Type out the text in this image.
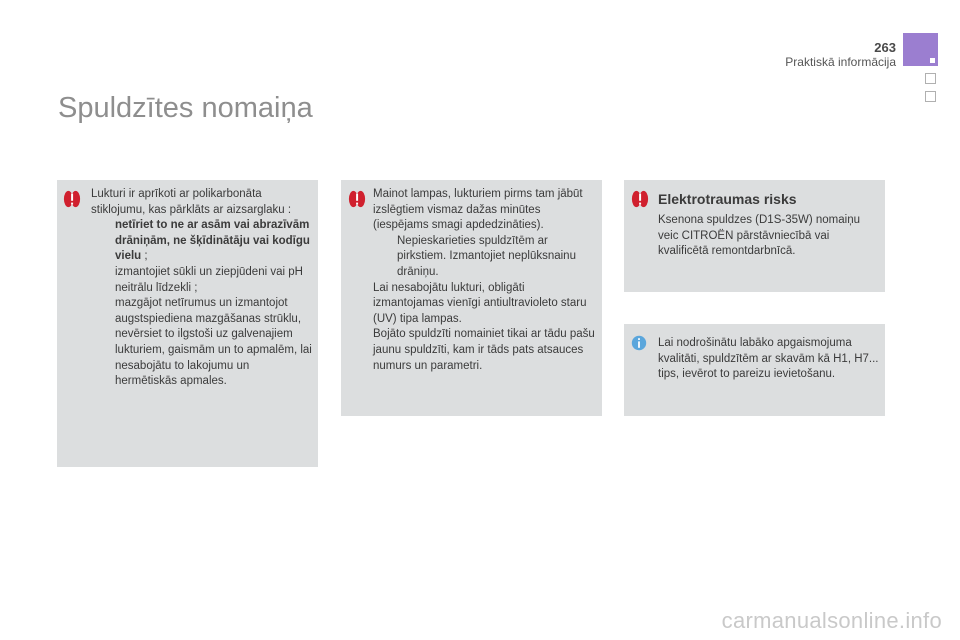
263
Praktiskā informācija
Spuldzītes nomaiņa

Lukturi ir aprīkoti ar polikarbonāta stiklojumu, kas pārklāts ar aizsarglaku :

netīriet to ne ar asām vai abrazīvām drāniņām, ne šķīdinātāju vai kodīgu vielu ;
izmantojiet sūkli un ziepjūdeni vai pH neitrālu līdzekli ;
mazgājot netīrumus un izmantojot augstspiediena mazgāšanas strūklu, nevērsiet to ilgstoši uz galvenajiem lukturiem, gaismām un to apmalēm, lai nesabojātu to lakojumu un hermētiskās apmales.

Mainot lampas, lukturiem pirms tam jābūt izslēgtiem vismaz dažas minūtes (iespējams smagi apdedzināties).

Nepieskarieties spuldzītēm ar pirkstiem. Izmantojiet neplūksnainu drāniņu.

Lai nesabojātu lukturi, obligāti izmantojamas vienīgi antiultravioleto staru (UV) tipa lampas.

Bojāto spuldzīti nomainiet tikai ar tādu pašu jaunu spuldzīti, kam ir tāds pats atsauces numurs un parametri.

Elektrotraumas risks
Ksenona spuldzes (D1S-35W) nomaiņu veic CITROËN pārstāvniecībā vai kvalificētā remontdarbnīcā.
Lai nodrošinātu labāko apgaismojuma kvalitāti, spuldzītēm ar skavām kā H1, H7... tips, ievērot to pareizu ievietošanu.
carmanualsonline.info
